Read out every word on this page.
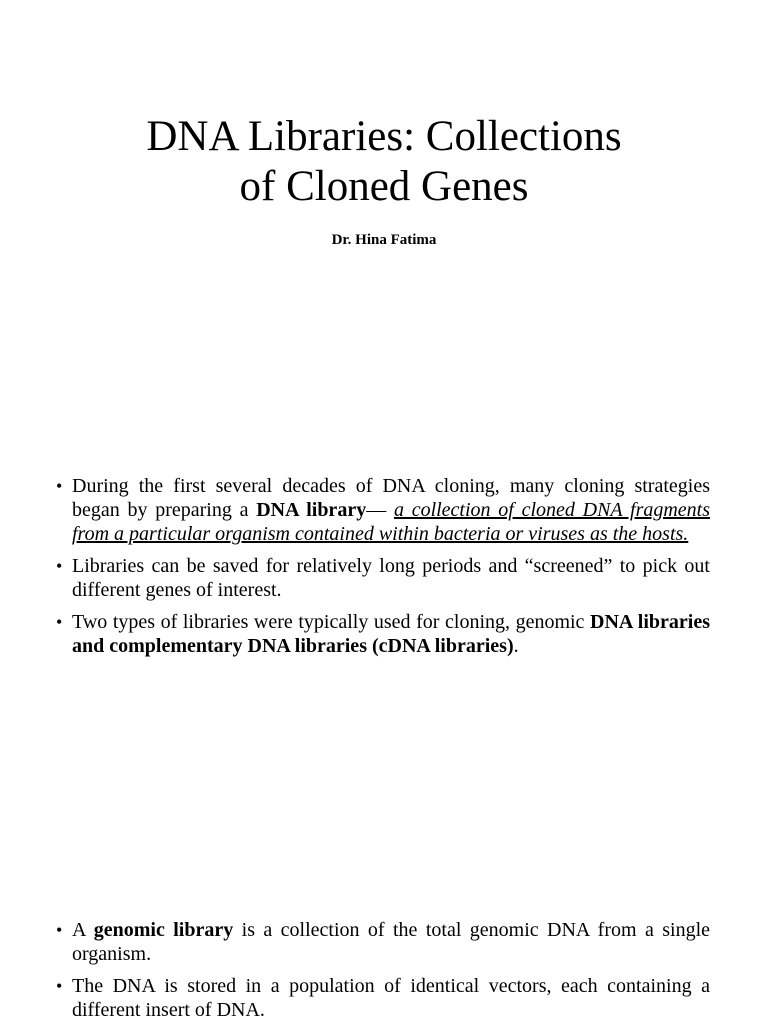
DNA Libraries: Collections
of Cloned Genes
Dr. Hina Fatima
• During the first several decades of DNA cloning, many cloning strategies began by preparing a DNA library— a collection of cloned DNA fragments from a particular organism contained within bacteria or viruses as the hosts.
• Libraries can be saved for relatively long periods and “screened” to pick out different genes of interest.
• Two types of libraries were typically used for cloning, genomic DNA libraries and complementary DNA libraries (cDNA libraries).
• A genomic library is a collection of the total genomic DNA from a single organism.
• The DNA is stored in a population of identical vectors, each containing a different insert of DNA.
